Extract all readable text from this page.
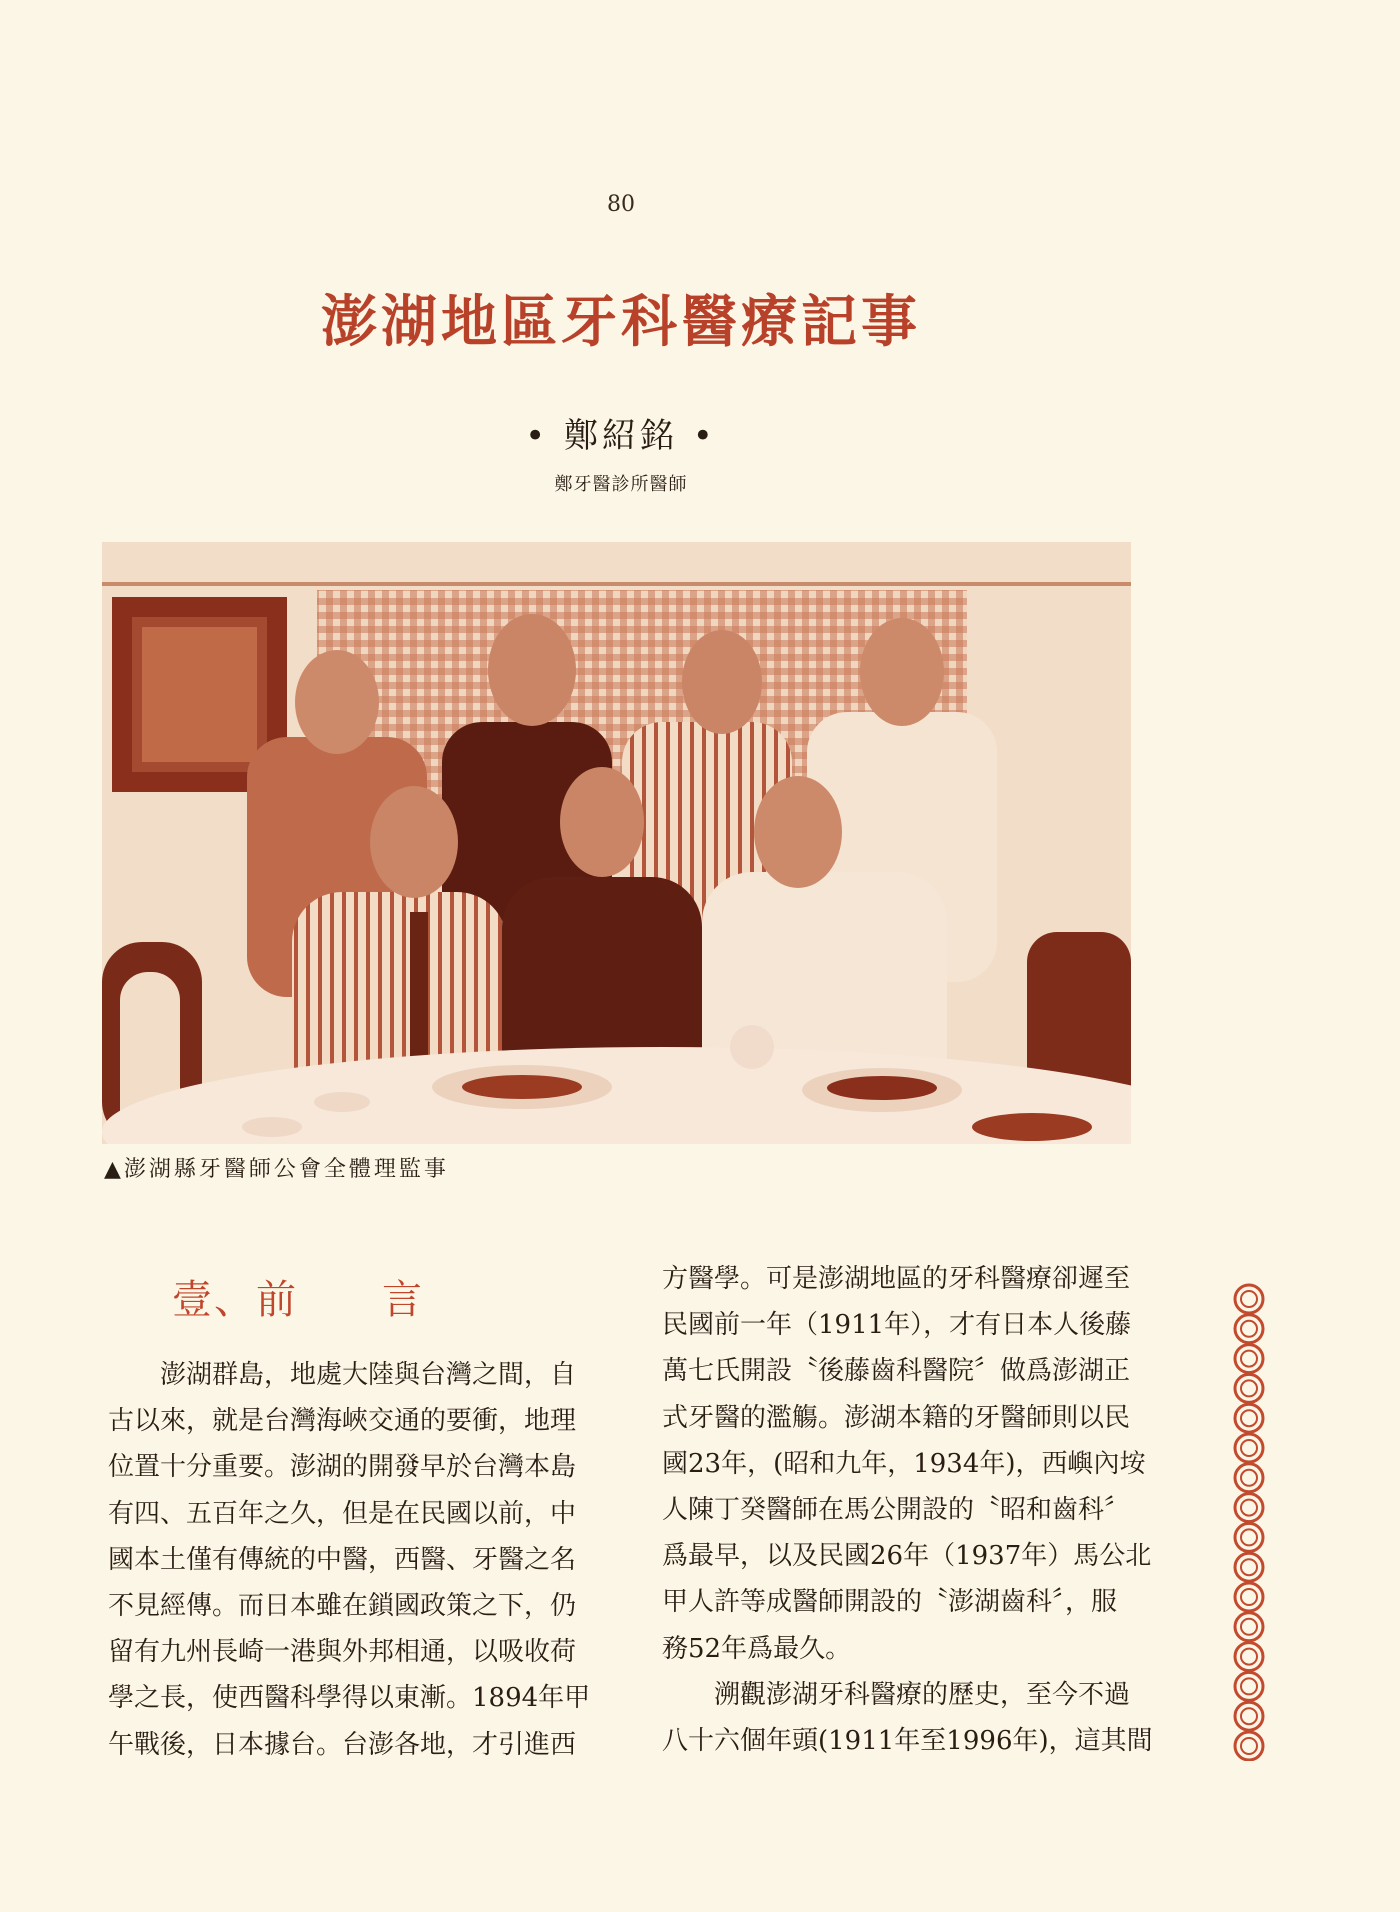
80
澎湖地區牙科醫療記事
• 鄭紹銘 •
鄭牙醫診所醫師
▲澎湖縣牙醫師公會全體理監事
壹、前　　言

　　澎湖群島，地處大陸與台灣之間，自

古以來，就是台灣海峽交通的要衝，地理

位置十分重要。澎湖的開發早於台灣本島

有四、五百年之久，但是在民國以前，中

國本土僅有傳統的中醫，西醫、牙醫之名

不見經傳。而日本雖在鎖國政策之下，仍

留有九州長崎一港與外邦相通，以吸收荷

學之長，使西醫科學得以東漸。1894年甲

午戰後，日本據台。台澎各地，才引進西

方醫學。可是澎湖地區的牙科醫療卻遲至

民國前一年（1911年），才有日本人後藤

萬七氏開設〝後藤齒科醫院〞做爲澎湖正

式牙醫的濫觴。澎湖本籍的牙醫師則以民

國23年，(昭和九年，1934年)，西嶼內垵

人陳丁癸醫師在馬公開設的〝昭和齒科〞

爲最早，以及民國26年（1937年）馬公北

甲人許等成醫師開設的〝澎湖齒科〞，服

務52年爲最久。

　　溯觀澎湖牙科醫療的歷史，至今不過

八十六個年頭(1911年至1996年)，這其間
